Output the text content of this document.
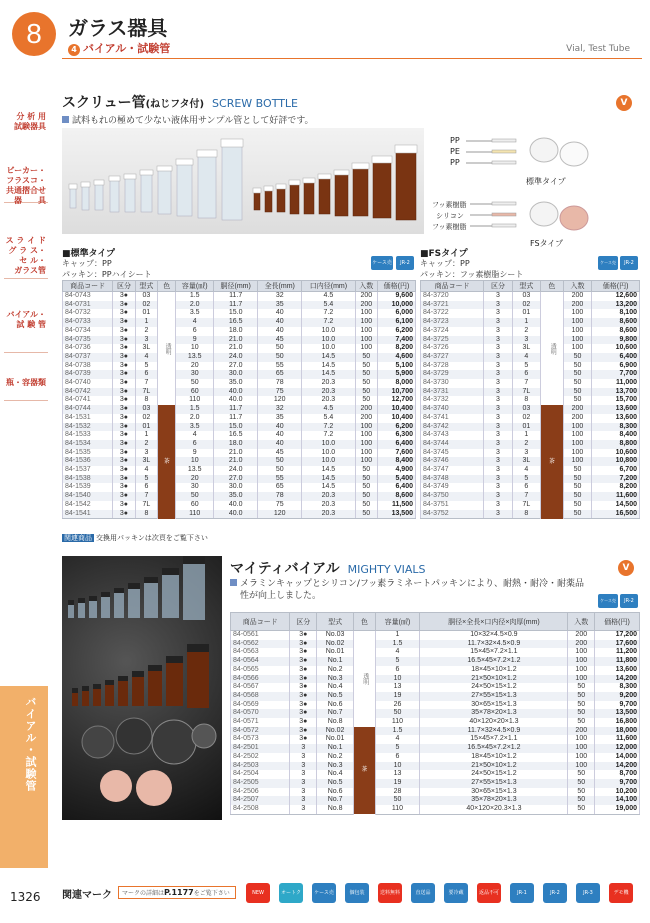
8	ガラス器具
4 バイアル・試験管	Vial, Test Tube
分 析 用
試験器具
ビーカー・
フラスコ・
共通摺合せ
器　　具
ス ラ イ ド
グ ラ ス・
セ ル・
ガラス管
バイアル・
試 験 管
瓶・容器類
バイアル・試験管
スクリュー管(ねじフタ付) SCREW BOTTLE	V
試料もれの極めて少ない液体用サンプル管として好評です。
PP
PE
PP
標準タイプ
フッ素樹脂
シリコン
フッ素樹脂
FSタイプ
■標準タイプ
キャップ：PP
パッキン：PPハイシート
ケース売	JR-2
商品コード	区分	型式	色	容量(㎖)	胴径(mm)	全長(mm)	口内径(mm)	入数	価格(円)
84-0743	3●	03	透明	1.5	11.7	32	4.5	200	9,600
84-0731	3●	02		2.0	11.7	35	5.4	200	10,000
84-0732	3●	01		3.5	15.0	40	7.2	100	6,000
84-0733	3●	1		4	16.5	40	7.2	100	6,100
84-0734	3●	2		6	18.0	40	10.0	100	6,200
84-0735	3●	3		9	21.0	45	10.0	100	7,400
84-0736	3●	3L		10	21.0	50	10.0	100	8,200
84-0737	3●	4		13.5	24.0	50	14.5	50	4,600
84-0738	3●	5		20	27.0	55	14.5	50	5,100
84-0739	3●	6		30	30.0	65	14.5	50	5,900
84-0740	3●	7		50	35.0	78	20.3	50	8,000
84-0742	3●	7L		60	40.0	75	20.3	50	10,700
84-0741	3●	8		110	40.0	120	20.3	50	12,700
84-0744	3●	03	茶	1.5	11.7	32	4.5	200	10,400
84-1531	3●	02		2.0	11.7	35	5.4	200	10,400
84-1532	3●	01		3.5	15.0	40	7.2	100	6,200
84-1533	3●	1		4	16.5	40	7.2	100	6,300
84-1534	3●	2		6	18.0	40	10.0	100	6,400
84-1535	3●	3		9	21.0	45	10.0	100	7,600
84-1536	3●	3L		10	21.0	50	10.0	100	8,400
84-1537	3●	4		13.5	24.0	50	14.5	50	4,900
84-1538	3●	5		20	27.0	55	14.5	50	5,400
84-1539	3●	6		30	30.0	65	14.5	50	6,400
84-1540	3●	7		50	35.0	78	20.3	50	8,600
84-1542	3●	7L		60	40.0	75	20.3	50	11,500
84-1541	3●	8		110	40.0	120	20.3	50	13,500
■FSタイプ
キャップ：PP
パッキン：フッ素樹脂シート
ケース売	JR-2
商品コード	区分	型式	色	入数	価格(円)
84-3720	3	03	透明	200	12,600
84-3721	3	02		200	13,200
84-3722	3	01		100	8,100
84-3723	3	1		100	8,600
84-3724	3	2		100	8,600
84-3725	3	3		100	9,800
84-3726	3	3L		100	10,600
84-3727	3	4		50	6,400
84-3728	3	5		50	6,900
84-3729	3	6		50	7,700
84-3730	3	7		50	11,000
84-3731	3	7L		50	13,700
84-3732	3	8		50	15,700
84-3740	3	03	茶	200	13,600
84-3741	3	02		200	13,600
84-3742	3	01		100	8,300
84-3743	3	1		100	8,400
84-3744	3	2		100	8,800
84-3745	3	3		100	10,600
84-3746	3	3L		100	10,800
84-3747	3	4		50	6,700
84-3748	3	5		50	7,200
84-3749	3	6		50	8,200
84-3750	3	7		50	11,600
84-3751	3	7L		50	14,500
84-3752	3	8		50	16,500
関連商品 交換用パッキンは次頁をご覧下さい
マイティバイアル MIGHTY VIALS	V
メラミンキャップとシリコン/フッ素ラミネートパッキンにより、耐熱・耐冷・耐薬品
性が向上しました。	ケース売	JR-2
商品コード	区分	型式	色	容量(㎖)	胴径×全長×口内径×肉厚(mm)	入数	価格(円)
84-0561	3●	No.03	透明	1	10×32×4.5×0.9	200	17,200
84-0562	3●	No.02		1.5	11.7×32×4.5×0.9	200	17,600
84-0563	3●	No.01		4	15×45×7.2×1.1	100	11,200
84-0564	3●	No.1		5	16.5×45×7.2×1.2	100	11,800
84-0565	3●	No.2		6	18×45×10×1.2	100	13,600
84-0566	3●	No.3		10	21×50×10×1.2	100	14,200
84-0567	3●	No.4		13	24×50×15×1.2	50	8,300
84-0568	3●	No.5		19	27×55×15×1.3	50	9,200
84-0569	3●	No.6		26	30×65×15×1.3	50	9,700
84-0570	3●	No.7		50	35×78×20×1.3	50	13,500
84-0571	3●	No.8		110	40×120×20×1.3	50	16,800
84-0572	3●	No.02	茶	1.5	11.7×32×4.5×0.9	200	18,000
84-0573	3●	No.01		4	15×45×7.2×1.1	100	11,600
84-2501	3	No.1		5	16.5×45×7.2×1.2	100	12,000
84-2502	3	No.2		6	18×45×10×1.2	100	14,000
84-2503	3	No.3		10	21×50×10×1.2	100	14,200
84-2504	3	No.4		13	24×50×15×1.2	50	8,700
84-2505	3	No.5		19	27×55×15×1.3	50	9,700
84-2506	3	No.6		28	30×65×15×1.3	50	10,200
84-2507	3	No.7		50	35×78×20×1.3	50	14,100
84-2508	3	No.8		110	40×120×20.3×1.3	50	19,000
1326 関連マーク	マークの詳細はP.1177をご覧下さい	NEW	オートクレーブ
ケース売	個包装	送料無料	直送品	要冷蔵	返品不可	JR-1	JR-2	JR-3	デモ機
